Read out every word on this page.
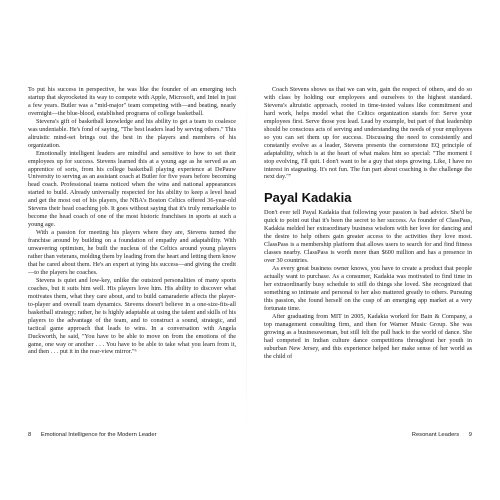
To put his success in perspective, he was like the founder of an emerging tech startup that skyrocketed its way to compete with Apple, Microsoft, and Intel in just a few years. Butler was a "mid-major" team competing with—and beating, nearly overnight—the blue-blood, established programs of college basketball.

Stevens's gift of basketball knowledge and his ability to get a team to coalesce was undeniable. He's fond of saying, "The best leaders lead by serving others." This altruistic mind-set brings out the best in the players and members of his organization.

Emotionally intelligent leaders are mindful and sensitive to how to set their employees up for success. Stevens learned this at a young age as he served as an apprentice of sorts, from his college basketball playing experience at DePauw University to serving as an assistant coach at Butler for five years before becoming head coach. Professional teams noticed when the wins and national appearances started to build. Already universally respected for his ability to keep a level head and get the most out of his players, the NBA's Boston Celtics offered 36-year-old Stevens their head coaching job. It goes without saying that it's truly remarkable to become the head coach of one of the most historic franchises in sports at such a young age.

With a passion for meeting his players where they are, Stevens turned the franchise around by building on a foundation of empathy and adaptability. With unwavering optimism, he built the nucleus of the Celtics around young players rather than veterans, molding them by leading from the heart and letting them know that he cared about them. He's an expert at tying his success—and giving the credit—to the players he coaches.

Stevens is quiet and low-key, unlike the outsized personalities of many sports coaches, but it suits him well. His players love him. His ability to discover what motivates them, what they care about, and to build camaraderie affects the player-to-player and overall team dynamics. Stevens doesn't believe in a one-size-fits-all basketball strategy; rather, he is highly adaptable at using the talent and skills of his players to the advantage of the team, and to construct a sound, strategic, and tactical game approach that leads to wins. In a conversation with Angela Duckworth, he said, "You have to be able to move on from the emotions of the game, one way or another . . . You have to be able to take what you learn from it, and then . . . put it in the rear-view mirror."⁶

Coach Stevens shows us that we can win, gain the respect of others, and do so with class by holding our employees and ourselves to the highest standard. Stevens's altruistic approach, rooted in time-tested values like commitment and hard work, helps model what the Celtics organization stands for: Serve your employees first. Serve those you lead. Lead by example, but part of that leadership should be conscious acts of serving and understanding the needs of your employees so you can set them up for success. Discussing the need to consistently and constantly evolve as a leader, Stevens presents the cornerstone EQ principle of adaptability, which is at the heart of what makes him so special: "The moment I stop evolving, I'll quit. I don't want to be a guy that stops growing. Like, I have no interest in stagnating. It's not fun. The fun part about coaching is the challenge the next day."⁷

Payal Kadakia

Don't ever tell Payal Kadakia that following your passion is bad advice. She'd be quick to point out that it's been the secret to her success. As founder of ClassPass, Kadakia melded her extraordinary business wisdom with her love for dancing and the desire to help others gain greater access to the activities they love most. ClassPass is a membership platform that allows users to search for and find fitness classes nearby. ClassPass is worth more than $600 million and has a presence in over 30 countries.

As every great business owner knows, you have to create a product that people actually want to purchase. As a consumer, Kadakia was motivated to find time in her extraordinarily busy schedule to still do things she loved. She recognized that something so intimate and personal to her also mattered greatly to others. Pursuing this passion, she found herself on the cusp of an emerging app market at a very fortunate time.

After graduating from MIT in 2005, Kadakia worked for Bain & Company, a top management consulting firm, and then for Warner Music Group. She was growing as a businesswoman, but still felt the pull back to the world of dance. She had competed in Indian culture dance competitions throughout her youth in suburban New Jersey, and this experience helped her make sense of her world as the child of

8 Emotional Intelligence for the Modern Leader	Resonant Leaders 9
